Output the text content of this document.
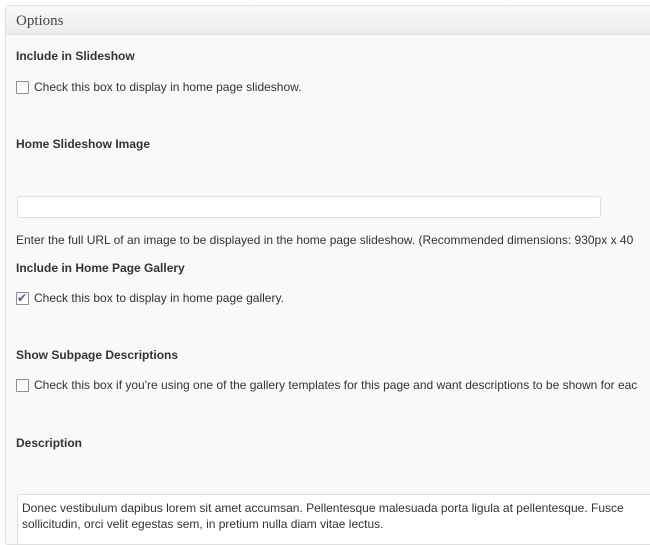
Options
Include in Slideshow
Check this box to display in home page slideshow.
Home Slideshow Image
Enter the full URL of an image to be displayed in the home page slideshow. (Recommended dimensions: 930px x 40
Include in Home Page Gallery
✔ Check this box to display in home page gallery.
Show Subpage Descriptions
Check this box if you're using one of the gallery templates for this page and want descriptions to be shown for eac
Description
Donec vestibulum dapibus lorem sit amet accumsan. Pellentesque malesuada porta ligula at pellentesque. Fusce sollicitudin, orci velit egestas sem, in pretium nulla diam vitae lectus.
